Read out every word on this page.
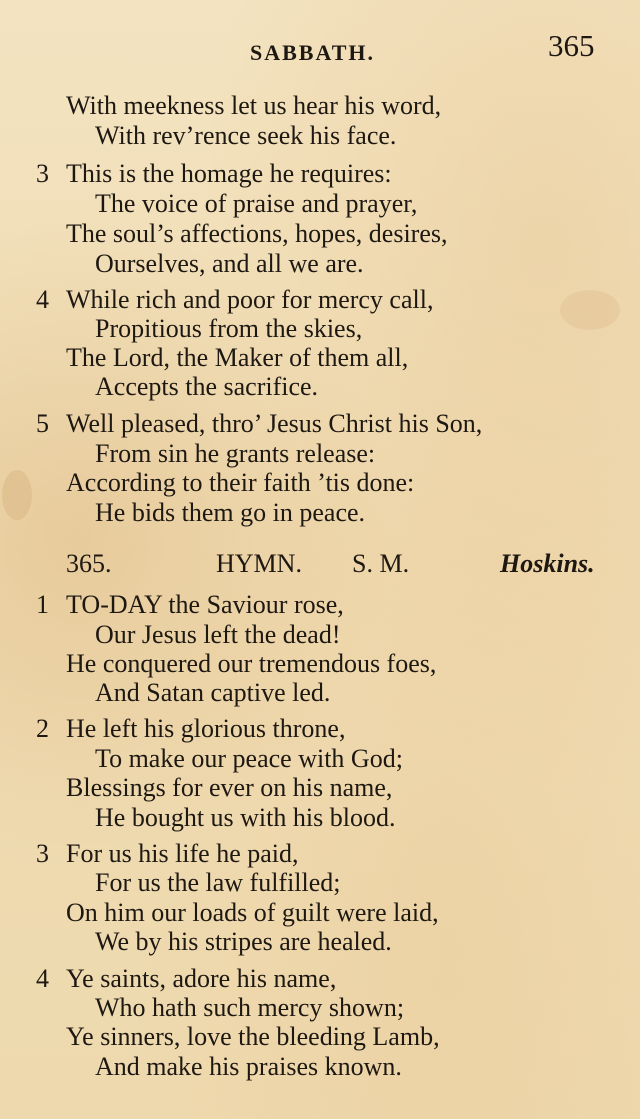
SABBATH.	365
With meekness let us hear his word,
With rev’rence seek his face.
3 This is the homage he requires:
The voice of praise and prayer,
The soul’s affections, hopes, desires,
Ourselves, and all we are.
4 While rich and poor for mercy call,
Propitious from the skies,
The Lord, the Maker of them all,
Accepts the sacrifice.
5 Well pleased, thro’ Jesus Christ his Son,
From sin he grants release:
According to their faith ’tis done:
He bids them go in peace.
365.	HYMN. S. M.	Hoskins.
1 TO-DAY the Saviour rose,
Our Jesus left the dead!
He conquered our tremendous foes,
And Satan captive led.
2 He left his glorious throne,
To make our peace with God;
Blessings for ever on his name,
He bought us with his blood.
3 For us his life he paid,
For us the law fulfilled;
On him our loads of guilt were laid,
We by his stripes are healed.
4 Ye saints, adore his name,
Who hath such mercy shown;
Ye sinners, love the bleeding Lamb,
And make his praises known.
